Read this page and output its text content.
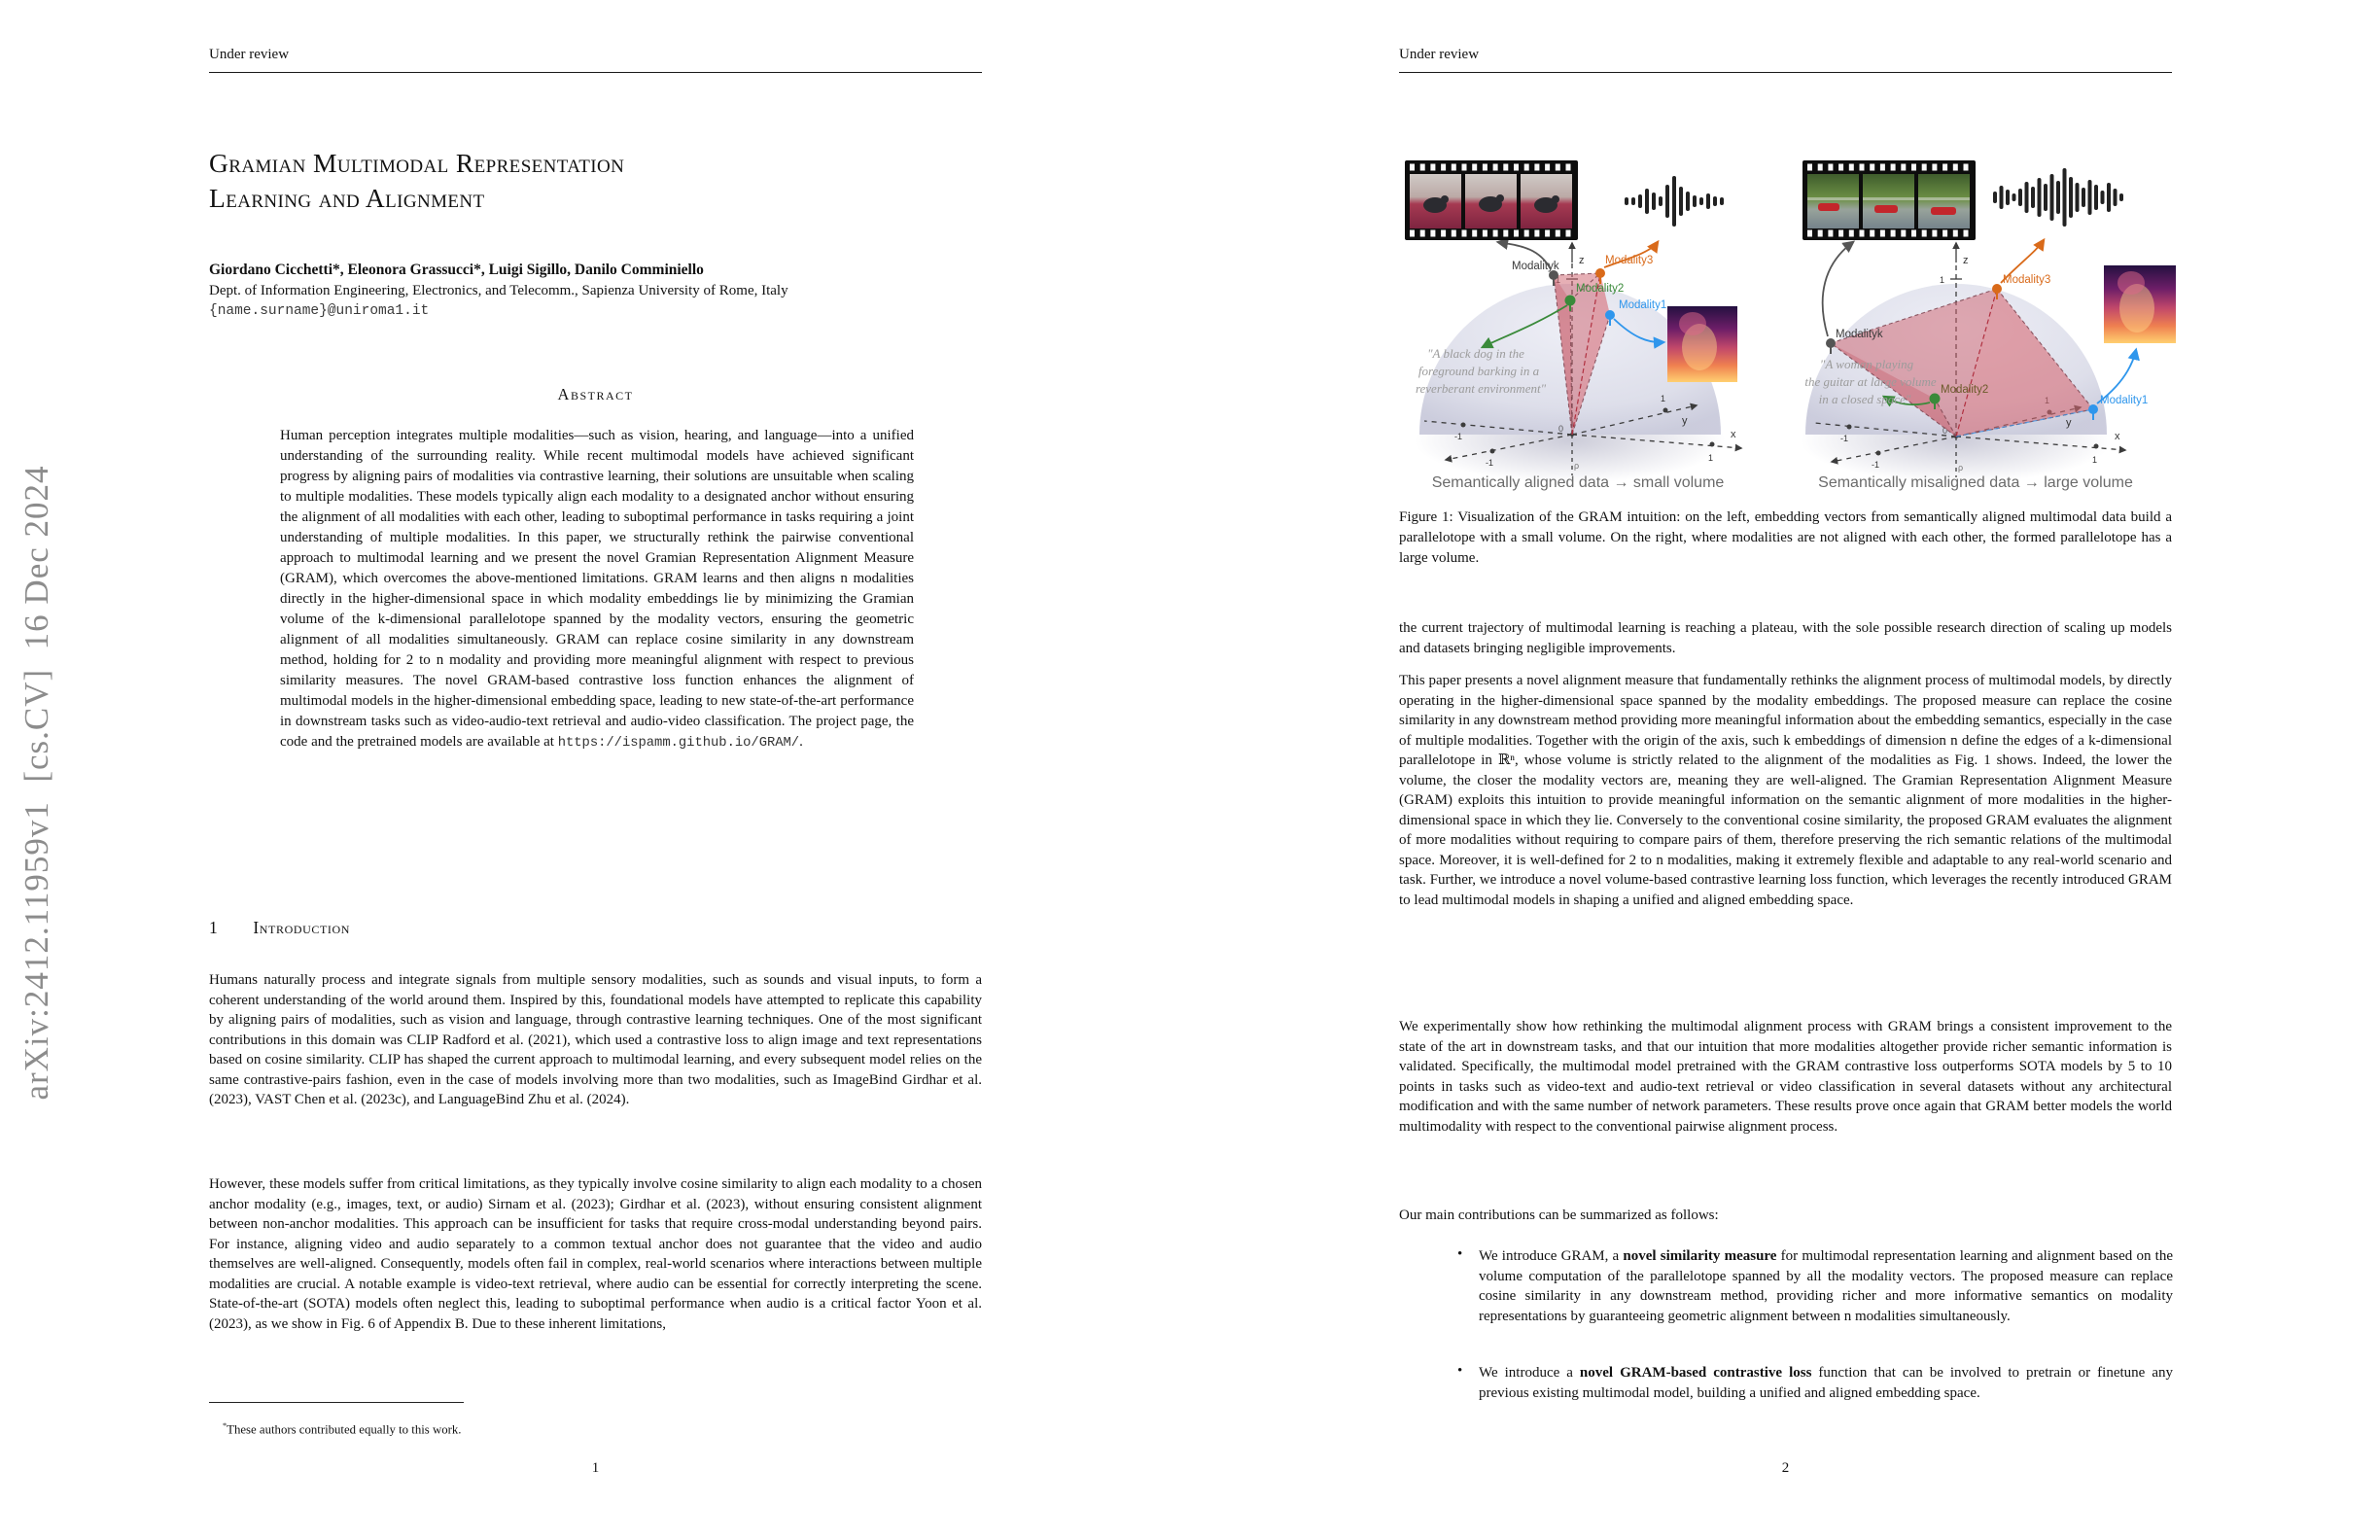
arXiv:2412.11959v1  [cs.CV]  16 Dec 2024
Under review
Gramian Multimodal Representation
Learning and Alignment
Giordano Cicchetti*, Eleonora Grassucci*, Luigi Sigillo, Danilo Comminiello
Dept. of Information Engineering, Electronics, and Telecomm., Sapienza University of Rome, Italy
{name.surname}@uniroma1.it
Abstract

Human perception integrates multiple modalities—such as vision, hearing, and language—into a unified understanding of the surrounding reality. While recent multimodal models have achieved significant progress by aligning pairs of modalities via contrastive learning, their solutions are unsuitable when scaling to multiple modalities. These models typically align each modality to a designated anchor without ensuring the alignment of all modalities with each other, leading to suboptimal performance in tasks requiring a joint understanding of multiple modalities. In this paper, we structurally rethink the pairwise conventional approach to multimodal learning and we present the novel Gramian Representation Alignment Measure (GRAM), which overcomes the above-mentioned limitations. GRAM learns and then aligns n modalities directly in the higher-dimensional space in which modality embeddings lie by minimizing the Gramian volume of the k-dimensional parallelotope spanned by the modality vectors, ensuring the geometric alignment of all modalities simultaneously. GRAM can replace cosine similarity in any downstream method, holding for 2 to n modality and providing more meaningful alignment with respect to previous similarity measures. The novel GRAM-based contrastive loss function enhances the alignment of multimodal models in the higher-dimensional embedding space, leading to new state-of-the-art performance in downstream tasks such as video-audio-text retrieval and audio-video classification. The project page, the code and the pretrained models are available at https://ispamm.github.io/GRAM/.

1 Introduction

Humans naturally process and integrate signals from multiple sensory modalities, such as sounds and visual inputs, to form a coherent understanding of the world around them. Inspired by this, foundational models have attempted to replicate this capability by aligning pairs of modalities, such as vision and language, through contrastive learning techniques. One of the most significant contributions in this domain was CLIP Radford et al. (2021), which used a contrastive loss to align image and text representations based on cosine similarity. CLIP has shaped the current approach to multimodal learning, and every subsequent model relies on the same contrastive-pairs fashion, even in the case of models involving more than two modalities, such as ImageBind Girdhar et al. (2023), VAST Chen et al. (2023c), and LanguageBind Zhu et al. (2024).

However, these models suffer from critical limitations, as they typically involve cosine similarity to align each modality to a chosen anchor modality (e.g., images, text, or audio) Sirnam et al. (2023); Girdhar et al. (2023), without ensuring consistent alignment between non-anchor modalities. This approach can be insufficient for tasks that require cross-modal understanding beyond pairs. For instance, aligning video and audio separately to a common textual anchor does not guarantee that the video and audio themselves are well-aligned. Consequently, models often fail in complex, real-world scenarios where interactions between multiple modalities are crucial. A notable example is video-text retrieval, where audio can be essential for correctly interpreting the scene. State-of-the-art (SOTA) models often neglect this, leading to suboptimal performance when audio is a critical factor Yoon et al. (2023), as we show in Fig. 6 of Appendix B. Due to these inherent limitations,

*These authors contributed equally to this work.

1
Under review
z
y
x
1
1
-1
-1
0
ρ
Modalityk	Modality3
Modality2
Modality1
"A black dog in the
foreground barking in a
reverberant environment"
Semantically aligned data → small volume
z
1
y
x
1
-1
-1
0
ρ
Modalityk
Modality3
Modality2
Modality1
"A woman playing
the guitar at large volume
in a closed space"
Semantically misaligned data → large volume

Figure 1: Visualization of the GRAM intuition: on the left, embedding vectors from semantically aligned multimodal data build a parallelotope with a small volume. On the right, where modalities are not aligned with each other, the formed parallelotope has a large volume.

the current trajectory of multimodal learning is reaching a plateau, with the sole possible research direction of scaling up models and datasets bringing negligible improvements.

This paper presents a novel alignment measure that fundamentally rethinks the alignment process of multimodal models, by directly operating in the higher-dimensional space spanned by the modality embeddings. The proposed measure can replace the cosine similarity in any downstream method providing more meaningful information about the embedding semantics, especially in the case of multiple modalities. Together with the origin of the axis, such k embeddings of dimension n define the edges of a k-dimensional parallelotope in ℝⁿ, whose volume is strictly related to the alignment of the modalities as Fig. 1 shows. Indeed, the lower the volume, the closer the modality vectors are, meaning they are well-aligned. The Gramian Representation Alignment Measure (GRAM) exploits this intuition to provide meaningful information on the semantic alignment of more modalities in the higher-dimensional space in which they lie. Conversely to the conventional cosine similarity, the proposed GRAM evaluates the alignment of more modalities without requiring to compare pairs of them, therefore preserving the rich semantic relations of the multimodal space. Moreover, it is well-defined for 2 to n modalities, making it extremely flexible and adaptable to any real-world scenario and task. Further, we introduce a novel volume-based contrastive learning loss function, which leverages the recently introduced GRAM to lead multimodal models in shaping a unified and aligned embedding space.

We experimentally show how rethinking the multimodal alignment process with GRAM brings a consistent improvement to the state of the art in downstream tasks, and that our intuition that more modalities altogether provide richer semantic information is validated. Specifically, the multimodal model pretrained with the GRAM contrastive loss outperforms SOTA models by 5 to 10 points in tasks such as video-text and audio-text retrieval or video classification in several datasets without any architectural modification and with the same number of network parameters. These results prove once again that GRAM better models the world multimodality with respect to the conventional pairwise alignment process.

Our main contributions can be summarized as follows:

• We introduce GRAM, a novel similarity measure for multimodal representation learning and alignment based on the volume computation of the parallelotope spanned by all the modality vectors. The proposed measure can replace cosine similarity in any downstream method, providing richer and more informative semantics on modality representations by guaranteeing geometric alignment between n modalities simultaneously.

• We introduce a novel GRAM-based contrastive loss function that can be involved to pretrain or finetune any previous existing multimodal model, building a unified and aligned embedding space.

2
